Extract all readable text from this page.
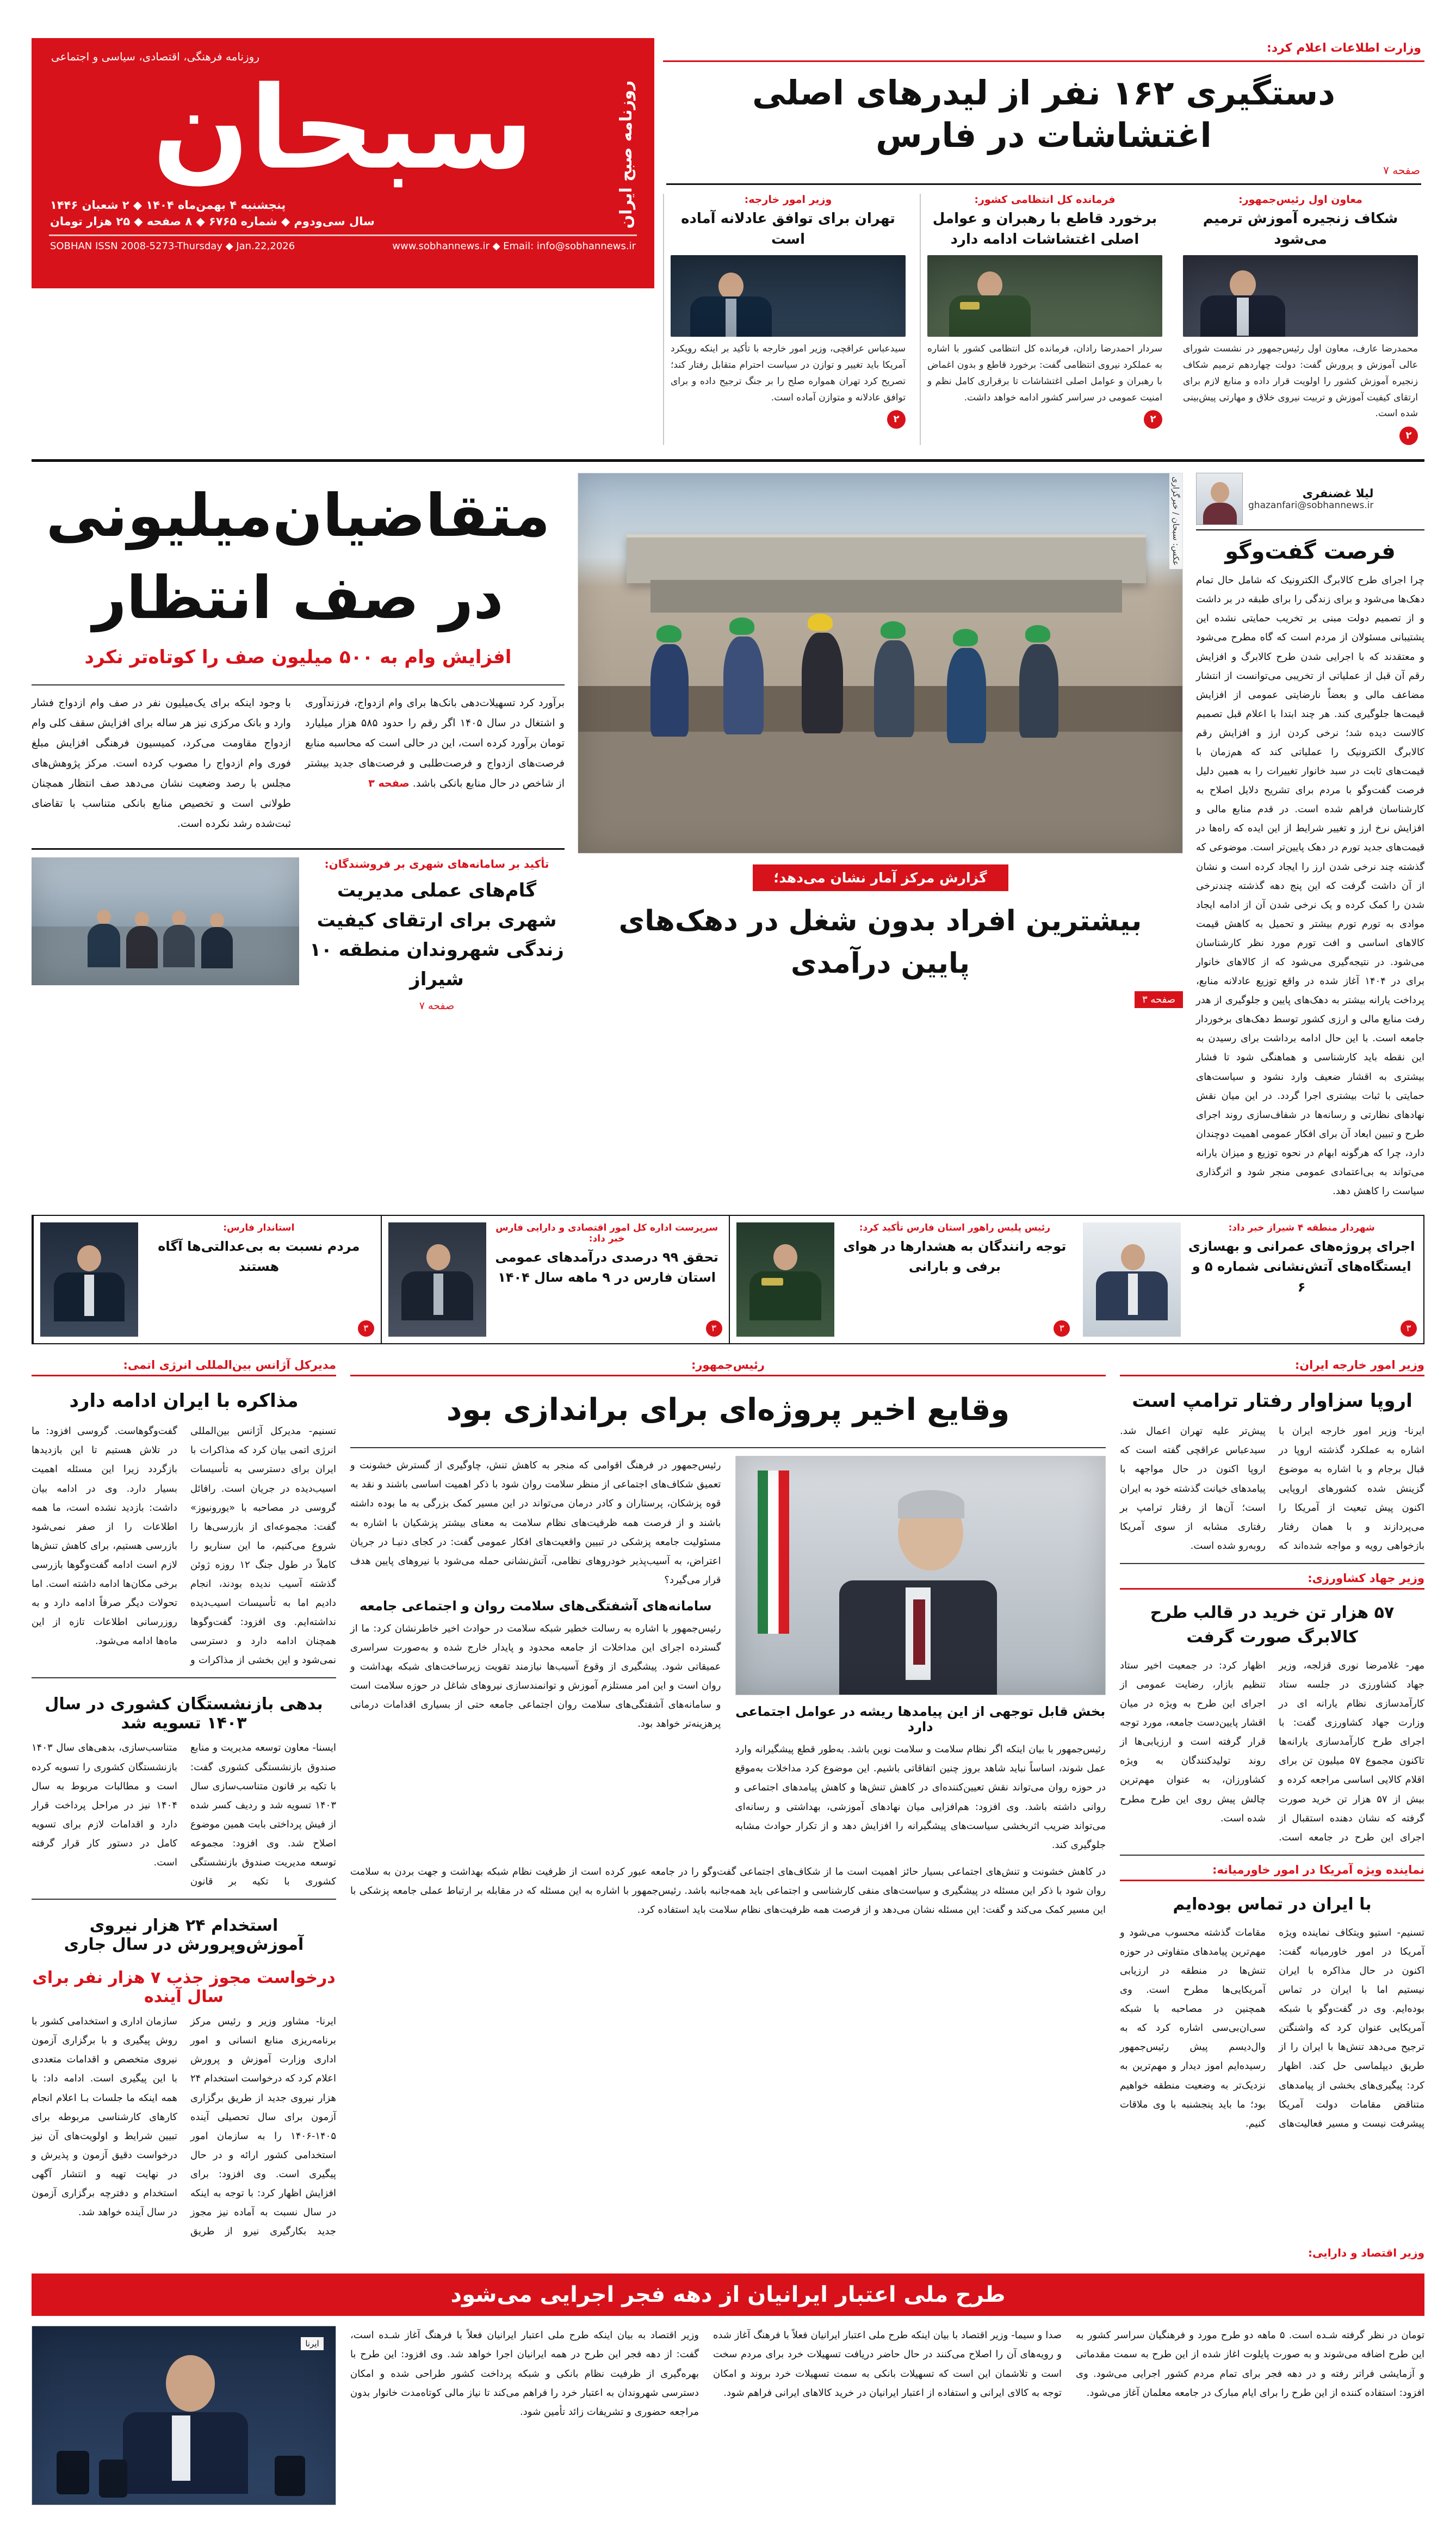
روزنامه فرهنگی، اقتصادی، سیاسی و اجتماعی
روزنامه صبح ایران
سبحان
پنجشنبه ۴ بهمن‌ماه ۱۴۰۴ ◆ ۲ شعبان ۱۴۴۶
سال سی‌ودوم ◆ شماره ۶۷۶۵ ◆ ۸ صفحه ◆ ۲۵ هزار تومان
www.sobhannews.ir ◆ Email: info@sobhannews.ir
SOBHAN ISSN 2008-5273-Thursday ◆ Jan.22,2026
وزارت اطلاعات اعلام کرد:
دستگیری ۱۶۲ نفر از لیدرهای اصلی اغتشاشات در فارس
صفحه ۷
وزیر امور خارجه:
تهران برای توافق عادلانه آماده است
سیدعباس عراقچی، وزیر امور خارجه با تأکید بر اینکه رویکرد آمریکا باید تغییر و توازن در سیاست احترام متقابل رفتار کند؛ تصریح کرد تهران همواره صلح را بر جنگ ترجیح داده و برای توافق عادلانه و متوازن آماده است.
۲
فرمانده کل انتظامی کشور:
برخورد قاطع با رهبران و عوامل اصلی اغتشاشات ادامه دارد
سردار احمدرضا رادان، فرمانده کل انتظامی کشور با اشاره به عملکرد نیروی انتظامی گفت: برخورد قاطع و بدون اغماض با رهبران و عوامل اصلی اغتشاشات تا برقراری کامل نظم و امنیت عمومی در سراسر کشور ادامه خواهد داشت.
۲
معاون اول رئیس‌جمهور:
شکاف زنجیره آموزش ترمیم می‌شود
محمدرضا عارف، معاون اول رئیس‌جمهور در نشست شورای عالی آموزش و پرورش گفت: دولت چهاردهم ترمیم شکاف زنجیره آموزش کشور را اولویت قرار داده و منابع لازم برای ارتقای کیفیت آموزش و تربیت نیروی خلاق و مهارتی پیش‌بینی شده است.
۲
متقاضیان‌میلیونی
در صف انتظار
افزایش وام به ۵۰۰ میلیون صف را کوتاه‌تر نکرد
با وجود اینکه برای یک‌میلیون نفر در صف وام ازدواج فشار وارد و بانک مرکزی نیز هر ساله برای افزایش سقف کلی وام ازدواج مقاومت می‌کرد، کمیسیون فرهنگی افزایش مبلغ فوری وام ازدواج را مصوب کرده است. مرکز پژوهش‌های مجلس با رصد وضعیت نشان می‌دهد صف انتظار همچنان طولانی است و تخصیص منابع بانکی متناسب با تقاضای ثبت‌شده رشد نکرده است.
برآورد کرد تسهیلات‌دهی بانک‌ها برای وام ازدواج، فرزندآوری و اشتغال در سال ۱۴۰۵ اگر رقم را حدود ۵۸۵ هزار میلیارد تومان برآورد کرده است، این در حالی است که محاسبه منابع فرصت‌های ازدواج و فرصت‌طلبی و فرصت‌های جدید بیشتر از شاخص در حال منابع بانکی باشد. صفحه ۳
تأکید بر سامانه‌های شهری بر فروشندگان:
گام‌های عملی مدیریت شهری برای ارتقای کیفیت زندگی شهروندان منطقه ۱۰ شیراز
صفحه ۷
عکس: سبحان / خبرگزاری
گزارش مرکز آمار نشان می‌دهد؛
بیشترین افراد بدون شغل در دهک‌های پایین درآمدی
صفحه ۳
لیلا غضنفری
ghazanfari@sobhannews.ir
فرصت گفت‌وگو
چرا اجرای طرح کالابرگ الکترونیک که شامل حال تمام دهک‌ها می‌شود و برای زندگی را برای طبقه در بر داشت و از تصمیم دولت مبنی بر تخریب حمایتی نشده این پشتیبانی مسئولان از مردم است که گاه مطرح می‌شود و معتقدند که با اجرایی شدن طرح کالابرگ و افزایش رقم آن قبل از عملیاتی از تخریبی می‌توانست از انتشار مضاعف مالی و بعضاً نارضایتی عمومی از افزایش قیمت‌ها جلوگیری کند. هر چند ابتدا با اعلام قبل تصمیم کالاست دیده شد؛ نرخی کردن ارز و افزایش رقم کالابرگ الکترونیک را عملیاتی کند که هم‌زمان با قیمت‌های ثابت در سبد خانوار تغییرات را به همین دلیل فرصت گفت‌وگو با مردم برای تشریح دلایل اصلاح به کارشناسان فراهم شده است. در قدم منابع مالی و افزایش نرخ ارز و تغییر شرایط از این ایده که راه‌ها در قیمت‌های جدید تورم در دهک پایین‌تر است. موضوعی که گذشته چند نرخی شدن ارز را ایجاد کرده است و نشان از آن داشت گرفت که این پنج دهه گذشته چندنرخی شدن را کمک کرده و یک نرخی شدن آن از ادامه ایجاد موادی به تورم تورم بیشتر و تحمیل به کاهش قیمت کالاهای اساسی و افت تورم مورد نظر کارشناسان می‌شود. در نتیجه‌گیری می‌شود که از کالاهای خانوار برای در ۱۴۰۴ آغاز شده در واقع توزیع عادلانه منابع، پرداخت یارانه بیشتر به دهک‌های پایین و جلوگیری از هدر رفت منابع مالی و ارزی کشور توسط دهک‌های برخوردار جامعه است. با این حال ادامه برداشت برای رسیدن به این نقطه باید کارشناسی و هماهنگی شود تا فشار بیشتری به اقشار ضعیف وارد نشود و سیاست‌های حمایتی با ثبات بیشتری اجرا گردد. در این میان نقش نهادهای نظارتی و رسانه‌ها در شفاف‌سازی روند اجرای طرح و تبیین ابعاد آن برای افکار عمومی اهمیت دوچندان دارد، چرا که هرگونه ابهام در نحوه توزیع و میزان یارانه می‌تواند به بی‌اعتمادی عمومی منجر شود و اثرگذاری سیاست را کاهش دهد.
استاندار فارس:
مردم نسبت به بی‌عدالتی‌ها آگاه هستند
۳
سرپرست اداره کل امور اقتصادی و دارایی فارس خبر داد:
تحقق ۹۹ درصدی درآمدهای عمومی استان فارس در ۹ ماهه سال ۱۴۰۴
۳
رئیس پلیس راهور استان فارس تأکید کرد:
توجه رانندگان به هشدارها در هوای برفی و بارانی
۳
شهردار منطقه ۴ شیراز خبر داد:
اجرای پروژه‌های عمرانی و بهسازی ایستگاه‌های آتش‌نشانی شماره ۵ و ۶
۳
مدیرکل آژانس بین‌المللی انرژی اتمی:
مذاکره با ایران ادامه دارد
تسنیم- مدیرکل آژانس بین‌المللی انرژی اتمی بیان کرد که مذاکرات با ایران برای دسترسی به تأسیسات اسیب‌دیده در جریان است. رافائل گروسی در مصاحبه با «یورونیوز» گفت: مجموعه‌ای از بازرسی‌ها را شروع می‌کنیم، ما این سناریو را کاملاً در طول جنگ ۱۲ روزه ژوئن گذشته آسیب ندیده بودند، انجام دادیم اما به تأسیسات اسیب‌دیده نداشته‌ایم. وی افزود: گفت‌وگوها همچنان ادامه دارد و دسترسی نمی‌شود و این بخشی از مذاکرات و گفت‌وگوهاست. گروسی افزود: ما در تلاش هستیم تا این بازدیدها بازگردد زیرا این مسئله اهمیت بسیار دارد. وی در ادامه بیان داشت: بازدید نشده است، ما همه اطلاعات را از صفر نمی‌شود بازرسی هستیم، برای کاهش تنش‌ها لازم است ادامه گفت‌وگوها بازرسی برخی مکان‌ها ادامه داشته است. اما تحولات دیگر صرفاً ادامه دارد و به روزرسانی اطلاعات تازه از این ماه‌ها ادامه می‌شود.
بدهی بازنشستگان کشوری در سال ۱۴۰۳ تسویه شد
ایسنا- معاون توسعه مدیریت و منابع صندوق بازنشستگی کشوری گفت: با تکیه بر قانون متناسب‌سازی سال ۱۴۰۳ تسویه شد و ردیف کسر شده از فیش پرداختی بابت همین موضوع اصلاح شد. وی افزود: مجموعه توسعه مدیریت صندوق بازنشستگی کشوری با تکیه بر قانون متناسب‌سازی، بدهی‌های سال ۱۴۰۳ بازنشستگان کشوری را تسویه کرده است و مطالبات مربوط به سال ۱۴۰۴ نیز در مراحل پرداخت قرار دارد و اقدامات لازم برای تسویه کامل در دستور کار قرار گرفته است.
استخدام ۲۴ هزار نیروی آموزش‌وپرورش در سال جاری
درخواست مجوز جذب ۷ هزار نفر برای سال آینده
ایرنا- مشاور وزیر و رئیس مرکز برنامه‌ریزی منابع انسانی و امور اداری وزارت آموزش و پرورش اعلام کرد که درخواست استخدام ۲۴ هزار نیروی جدید از طریق برگزاری آزمون برای سال تحصیلی آینده ۱۴۰۵-۱۴۰۶ را به سازمان امور استخدامی کشور ارائه و در حال پیگیری است. وی افزود: برای افزایش اظهار کرد: با توجه به اینکه در سال نسبت به آماده نیز مجوز جدید بکارگیری نیرو از طریق سازمان اداری و استخدامی کشور با روش پیگیری و با برگزاری آزمون نیروی متخصص و اقدامات متعددی با این پیگیری است. ادامه داد: با همه اینکه ما جلسات بـا اعلام انجام کارهای کارشناسی مربوطه برای تبیین شرایط و اولویت‌های آن نیز درخواست دقیق آزمون و پذیرش و در نهایت تهیه و انتشار آگهی استخدام و دفترچه برگزاری آزمون در سال آینده خواهد شد.
رئیس‌جمهور:
وقایع اخیر پروژه‌ای برای براندازی بود
رئیس‌جمهور در فرهنگ اقوامی که منجر به کاهش تنش، چاوگیری از گسترش خشونت و تعمیق شکاف‌های اجتماعی از منظر سلامت روان شود با ذکر اهمیت اساسی باشند و نقد به قوه پزشکان، پرستاران و کادر درمان می‌تواند در این مسیر کمک بزرگی به ما بوده داشته باشند و از فرصت همه ظرفیت‌های نظام سلامت به معنای بیشتر پزشکیان با اشاره به مسئولیت جامعه پزشکی در تبیین واقعیت‌های افکار عمومی گفت: در کجای دنیـا در جریان اعتراض، به آسیب‌پذیر خودروهای نظامی، آتش‌نشانی حمله می‌شود با نیروهای پایین هدف قرار می‌گیرد؟
سامانه‌های آشفتگی‌های سلامت روان و اجتماعی جامعه
رئیس‌جمهور با اشاره به رسالت خطیر شبکه سلامت در حوادث اخیر خاطرنشان کرد: ما از گسترده اجرای این مداخلات از جامعه محدود و پایدار خارج شده و به‌صورت سراسری عمیقاتی شود. پیشگیری از وقوع آسیب‌ها نیازمند تقویت زیرساخت‌های شبکه بهداشت و روان است و این امر مستلزم آموزش و توانمندسازی نیروهای شاغل در حوزه سلامت است و سامانه‌های آشفتگی‌های سلامت روان اجتماعی جامعه حتی از بسیاری اقدامات درمانی پرهزینه‌تر خواهد بود.
بخش قابل توجهی از این پیامدها ریشه در عوامل اجتماعی دارد
رئیس‌جمهور با بیان اینکه اگر نظام سلامت و سلامت نوین باشد. به‌طور قطع پیشگیرانه وارد عمل شوند، اساساً نباید شاهد بروز چنین اتفاقاتی باشیم. این موضوع کرد مداخلات به‌موقع در حوزه روان می‌تواند نقش تعیین‌کننده‌ای در کاهش تنش‌ها و کاهش پیامدهای اجتماعی و روانی داشته باشد. وی افزود: هم‌افزایی میان نهادهای آموزشی، بهداشتی و رسانه‌ای می‌تواند ضریب اثربخشی سیاست‌های پیشگیرانه را افزایش دهد و از تکرار حوادث مشابه جلوگیری کند.
در کاهش خشونت و تنش‌های اجتماعی بسیار حائز اهمیت است ما از شکاف‌های اجتماعی گفت‌وگو را در جامعه عبور کرده است از ظرفیت نظام شبکه بهداشت و جهت بردن به سلامت روان شود با ذکر این مسئله در پیشگیری و سیاست‌های منفی کارشناسی و اجتماعی باید همه‌جانبه باشد. رئیس‌جمهور با اشاره به این مسئله که در مقابله بر ارتباط عملی جامعه پزشکی با این مسیر کمک می‌کند و گفت: این مسئله نشان می‌دهد و از فرصت همه ظرفیت‌های نظام سلامت باید استفاده کرد.
وزیر امور خارجه ایران:
اروپا سزاوار رفتار ترامپ است
ایرنا- وزیر امور خارجه ایران با اشاره به عملکرد گذشته اروپا در قبال برجام و با اشاره به موضوع گزینش شده کشورهای اروپایی اکنون پیش تبعیت از آمریکا را می‌پردازند و با همان رفتار بازخواهی رویه و مواجه شده‌اند که پیش‌تر علیه تهران اعمال شد. سیدعباس عراقچی گفته است که اروپا اکنون در حال مواجهه با پیامدهای خیانت گذشته خود به ایران است؛ آن‌ها از رفتار ترامپ بر رفتاری مشابه از سوی آمریکا روبه‌رو شده است.
وزیر جهاد کشاورزی:
۵۷ هزار تن خرید در قالب طرح کالابرگ صورت گرفت
مهر- غلامرضا نوری قزلجه، وزیر جهاد کشاورزی در جلسه ستاد کارآمدسازی نظام یارانه ای در وزارت جهاد کشاورزی گفت: با اجرای طرح کارآمدسازی یارانه‌ها تاکنون مجموع ۵۷ میلیون تن برای اقلام کالایی اساسی مراجعه کرده و بیش از ۵۷ هزار تن خرید صورت گرفته که نشان دهنده استقبال از اجرای این طرح در جامعه است. اظهار کرد: در جمعیت اخیر ستاد تنظیم بازار، رضایت عمومی از اجرای این طرح به ویژه در میان اقشار پایین‌دست جامعه، مورد توجه قرار گرفته است و ارزیابی‌ها از روند تولیدکنندگان به ویژه کشاورزان، به عنوان مهم‌ترین چالش پیش روی این طرح مطرح شده است.
نماینده ویژه آمریکا در امور خاورمیانه:
با ایران در تماس بوده‌ایم
تسنیم- استیو ویتکاف نماینده ویژه آمریکا در امور خاورمیانه گفت: اکنون در حال مذاکره با ایران نیستیم اما با ایران در تماس بوده‌ایم. وی در گفت‌وگو با شبکه آمریکایی عنوان کرد که واشنگتن ترجیح می‌دهد تنش‌ها با ایران را از طریق دیپلماسی حل کند. اظهار کرد: پیگیری‌های بخشی از پیامدهای متناقض مقامات دولت آمریکا پیشرفت نیست و مسیر فعالیت‌های مقامات گذشته محسوب می‌شود و مهم‌ترین پیامدهای متفاوتی در حوزه تنش‌ها در منطقه در ارزیابی آمریکایی‌ها مطرح است. وی همچنین در مصاحبه با شبکه سی‌ان‌بی‌سی اشاره کرد که به وال‌دیسم پیش رئیس‌جمهور رسیده‌ایم اموز دیدار و مهم‌ترین به نزدیک‌تر به وضعیت منطقه خواهیم بود؛ ما باید پنجشنبه با وی ملاقات کنیم.
وزیر اقتصاد و دارایی:
طرح ملی اعتبار ایرانیان از دهه فجر اجرایی می‌شود
ایرنا
وزیر اقتصاد به بیان اینکه طرح ملی اعتبار ایرانیان فعلاً با فرهنگ آغاز شـده است، گفت: از دهه فجر این طرح در همه ایرانیان اجرا خواهد شد. وی افزود: این طرح با بهره‌گیری از ظرفیت نظام بانکی و شبکه پرداخت کشور طراحی شده و امکان دسترسی شهروندان به اعتبار خرد را فراهم می‌کند تا نیاز مالی کوتاه‌مدت خانوار بدون مراجعه حضوری و تشریفات زائد تأمین شود.
صدا و سیما- وزیر اقتصاد با بیان اینکه طرح ملی اعتبار ایرانیان فعلاً با فرهنگ آغاز شده و رویه‌های آن را اصلاح می‌کنند در حال حاضر دریافت تسهیلات خرد برای مردم سخت است و تلاشمان این است که تسهیلات بانکی به سمت تسهیلات خرد بروند و امکان توجه به کالای ایرانی و استفاده از اعتبار ایرانیان در خرید کالاهای ایرانی فراهم شود.
تومان در نظر گرفته شـده است. ۵ ماهه دو طرح مورد و فرهنگیان سراسر کشور به این طرح اضافه می‌شوند و به صورت پایلوت اغاز شده از این طرح به سمت مقدماتی و آزمایشی فراتر رفته و در دهه فجر برای تمام مردم کشور اجرایی می‌شود. وی افزود: استفاده کننده از این طرح را برای ایام مبارک در جامعه معلمان آغاز می‌شود.
